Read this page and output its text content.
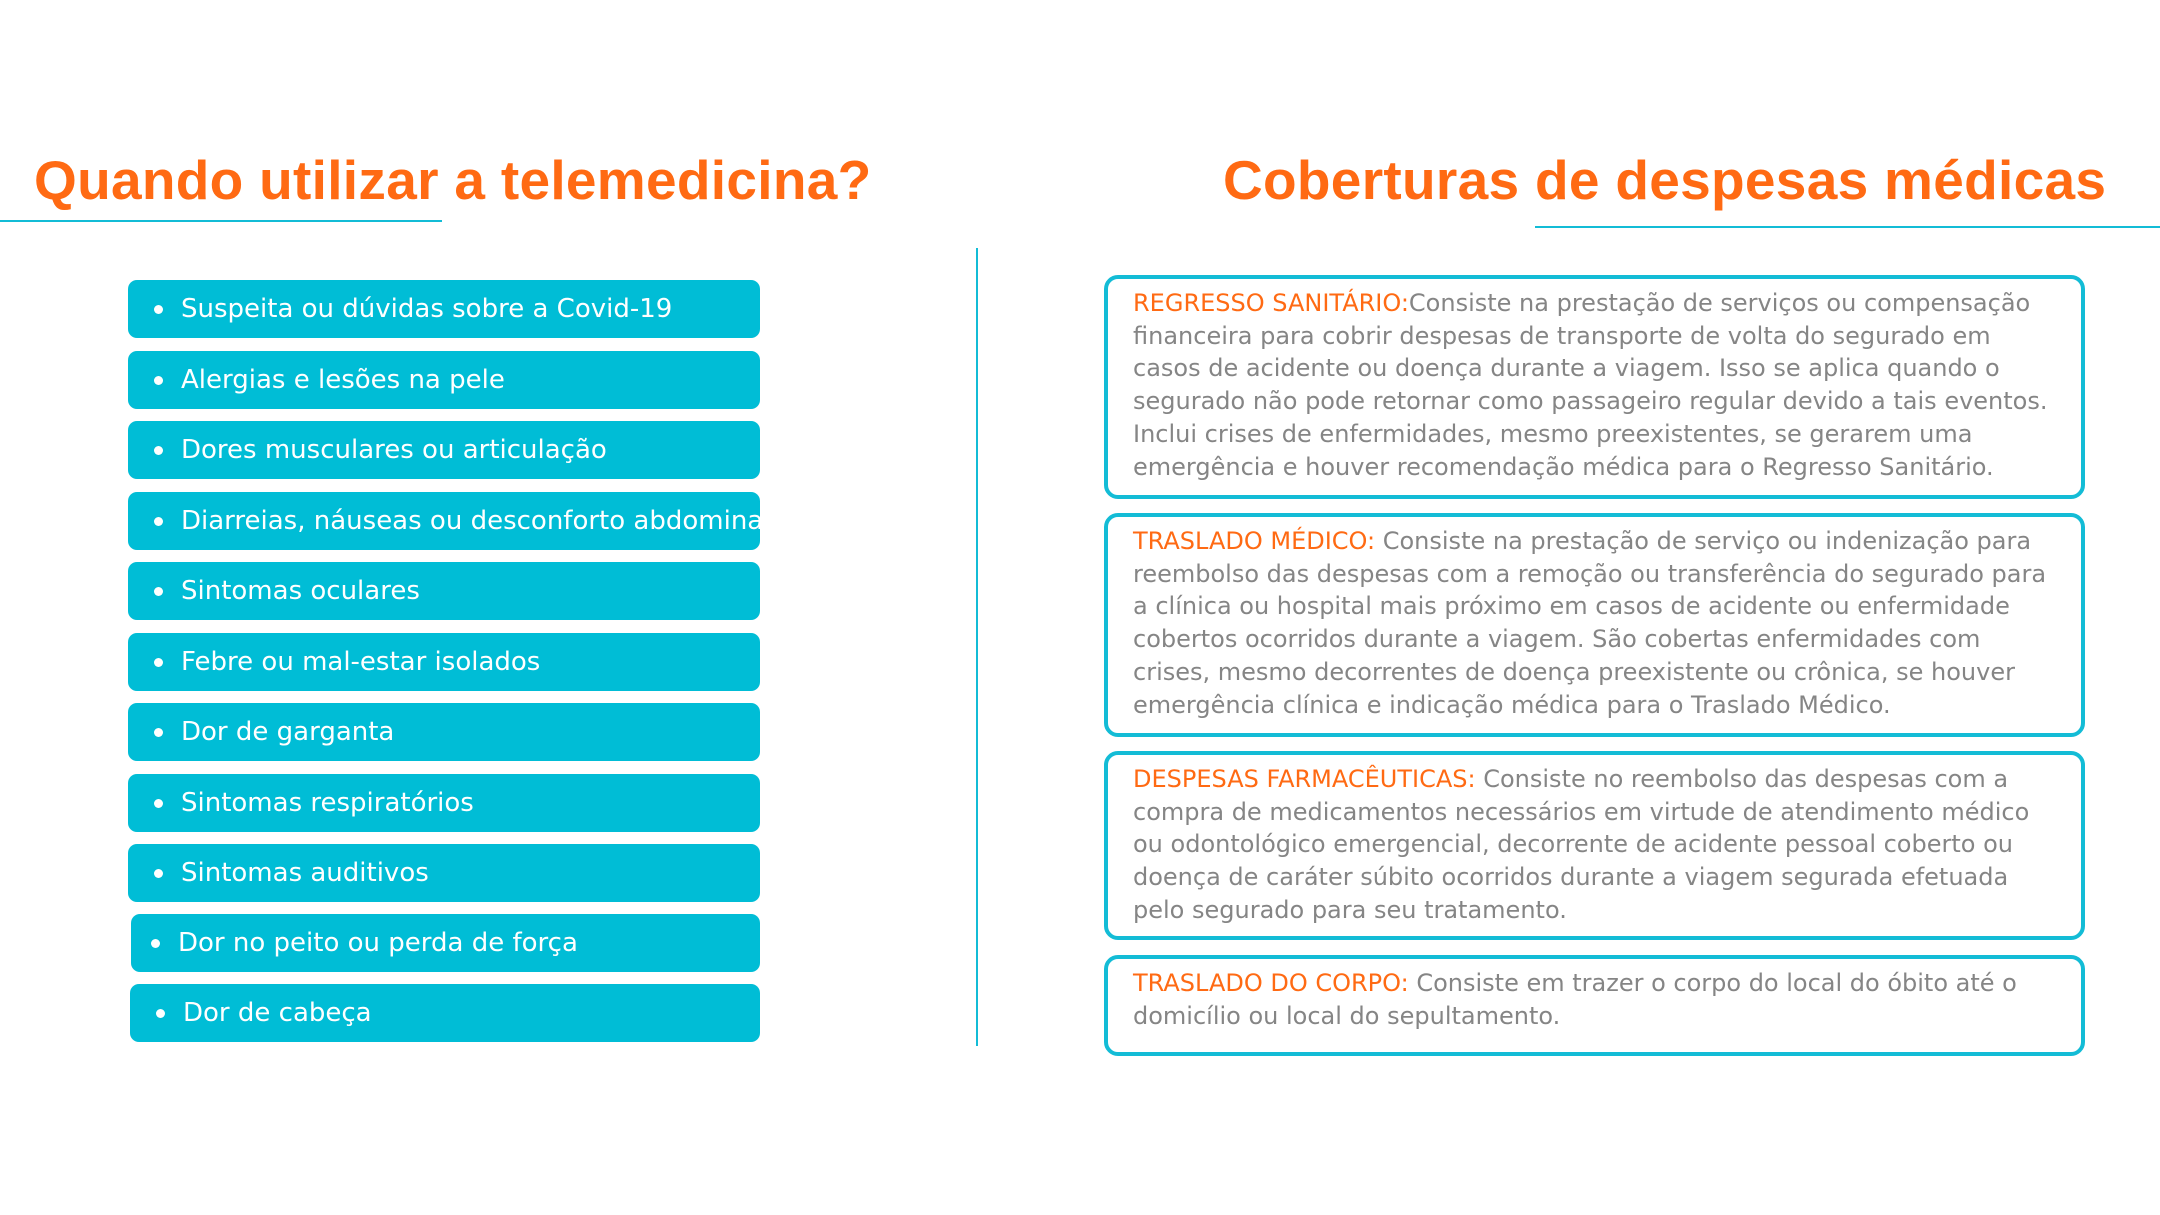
Quando utilizar a telemedicina?	Coberturas de despesas médicas
Suspeita ou dúvidas sobre a Covid-19
Alergias e lesões na pele
Dores musculares ou articulação
Diarreias, náuseas ou desconforto abdominal
Sintomas oculares
Febre ou mal-estar isolados
Dor de garganta
Sintomas respiratórios
Sintomas auditivos
Dor no peito ou perda de força
Dor de cabeça
REGRESSO SANITÁRIO:Consiste na prestação de serviços ou compensação financeira para cobrir despesas de transporte de volta do segurado em casos de acidente ou doença durante a viagem. Isso se aplica quando o segurado não pode retornar como passageiro regular devido a tais eventos. Inclui crises de enfermidades, mesmo preexistentes, se gerarem uma emergência e houver recomendação médica para o Regresso Sanitário.
TRASLADO MÉDICO: Consiste na prestação de serviço ou indenização para reembolso das despesas com a remoção ou transferência do segurado para a clínica ou hospital mais próximo em casos de acidente ou enfermidade cobertos ocorridos durante a viagem. São cobertas enfermidades com crises, mesmo decorrentes de doença preexistente ou crônica, se houver emergência clínica e indicação médica para o Traslado Médico.
DESPESAS FARMACÊUTICAS: Consiste no reembolso das despesas com a compra de medicamentos necessários em virtude de atendimento médico ou odontológico emergencial, decorrente de acidente pessoal coberto ou doença de caráter súbito ocorridos durante a viagem segurada efetuada pelo segurado para seu tratamento.
TRASLADO DO CORPO: Consiste em trazer o corpo do local do óbito até o domicílio ou local do sepultamento.
